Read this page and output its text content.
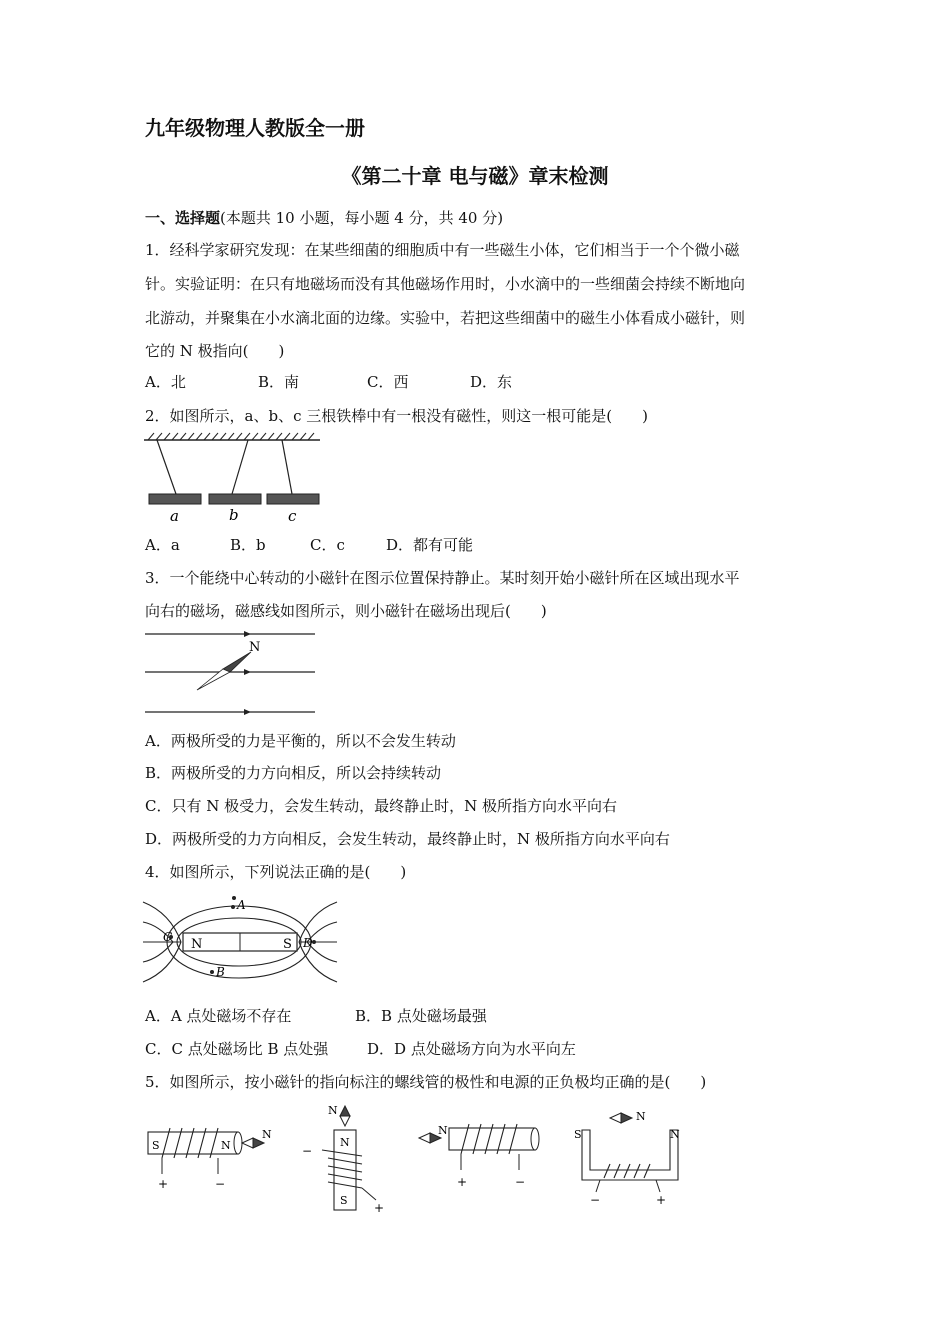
九年级物理人教版全一册
《第二十章 电与磁》章末检测
一、选择题(本题共 10 小题，每小题 4 分，共 40 分)
1．经科学家研究发现：在某些细菌的细胞质中有一些磁生小体，它们相当于一个个微小磁
针。实验证明：在只有地磁场而没有其他磁场作用时，小水滴中的一些细菌会持续不断地向
北游动，并聚集在小水滴北面的边缘。实验中，若把这些细菌中的磁生小体看成小磁针，则
它的 N 极指向(　　)
A．北	B．南	C．西	D．东
2．如图所示，a、b、c 三根铁棒中有一根没有磁性，则这一根可能是(　　)
a	b	c
A．a	B．b	C．c	D．都有可能
3．一个能绕中心转动的小磁针在图示位置保持静止。某时刻开始小磁针所在区域出现水平
向右的磁场，磁感线如图所示，则小磁针在磁场出现后(　　)
N
A．两极所受的力是平衡的，所以不会发生转动
B．两极所受的力方向相反，所以会持续转动
C．只有 N 极受力，会发生转动，最终静止时，N 极所指方向水平向右
D．两极所受的力方向相反，会发生转动，最终静止时，N 极所指方向水平向右
4．如图所示，下列说法正确的是(　　)
N	S
A
B
C	D
A．A 点处磁场不存在	B．B 点处磁场最强
C．C 点处磁场比 B 点处强	D．D 点处磁场方向为水平向左
5．如图所示，按小磁针的指向标注的螺线管的极性和电源的正负极均正确的是(　　)
S	N
N
+	−
N
N
S
−
+
N
+	−
N
S	N
−	+
